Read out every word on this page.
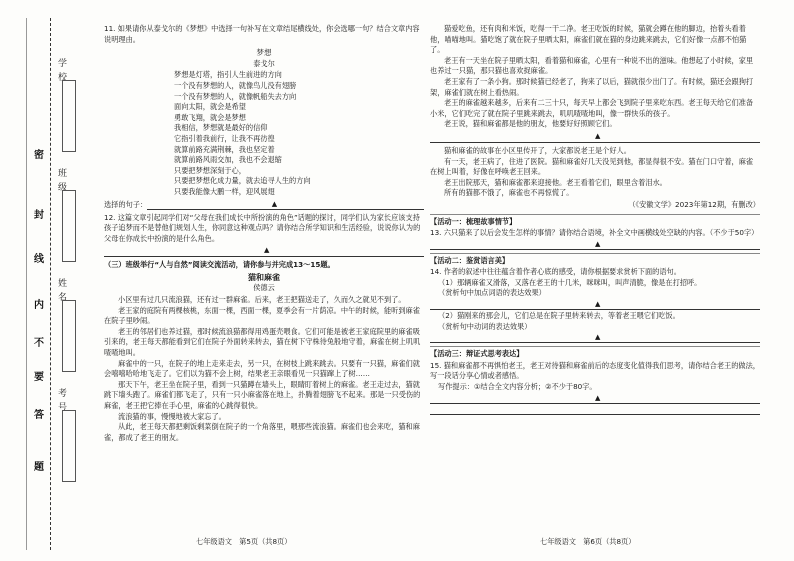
密
封
线
内
不
要
答
题
学 校
班 级
姓 名
考 号

11. 如果请你从泰戈尔的《梦想》中选择一句补写在文章结尾横线处，你会选哪一句？结合文章内容说明理由。

梦想

泰戈尔

梦想是灯塔，指引人生前进的方向
一个没有梦想的人，就像鸟儿没有翅膀
一个没有梦想的人，就像帆船失去方向
面向太阳，就会是希望
勇敢飞翔，就会是梦想
我相信，梦想就是最好的信仰
它指引着我前行，让我不再彷徨
就算前路充满荆棘，我也坚定着
就算前路风雨交加，我也不会退缩
只要把梦想深刻于心，
只要把梦想化成力量，就去追寻人生的方向
只要我能像大鹏一样，迎风展翅
选择的句子：	▲

12. 这篇文章引起同学们对“父母在我们成长中所扮演的角色”话题的探讨，同学们认为家长应该支持孩子追梦而不是替他们规划人生，你同意这种观点吗？请你结合所学知识和生活经验，说说你认为的父母在你成长中扮演的是什么角色。

▲

（三）班级举行“人与自然”阅读交流活动，请你参与并完成13～15题。

猫和麻雀

侯德云

小区里有过几只流浪猫，还有过一群麻雀。后来，老王把猫送走了，久而久之就见不到了。

老王家的庭院有两棵核桃，东面一棵，西面一棵，夏季会有一片荫凉。中午的时候，能听到麻雀在院子里吵闹。

老王的邻居们也养过猫，那时候流浪猫都得用鸡蛋壳喂食。它们可能是被老王家庭院里的麻雀吸引来的，老王每天都能看到它们在院子外面转来转去，猫在树下守株待兔般地守着，麻雀在树上叽叽喳喳地叫。

麻雀中的一只，在院子的地上走来走去，另一只，在树枝上跳来跳去。只要有一只猫，麻雀们就会嘻嘻哈哈地飞走了。它们以为猫不会上树，结果老王亲眼看见一只猫蹿上了树……

那天下午，老王坐在院子里，看到一只猫蹲在墙头上，眼睛盯着树上的麻雀。老王走过去，猫就跳下墙头跑了。麻雀们都飞走了，只有一只小麻雀落在地上，扑腾着翅膀飞不起来。那是一只受伤的麻雀，老王把它捧在手心里，麻雀的心跳得很快。

流浪猫的事，慢慢地被大家忘了。

从此，老王每天都把剩饭剩菜倒在院子的一个角落里，喂那些流浪猫。麻雀们也会来吃，猫和麻雀，都成了老王的朋友。

七年级语文　第5页（共8页）

猫爱吃鱼，还有肉和米饭，吃得一干二净。老王吃饭的时候，猫就会蹲在他的脚边，抬着头看着他，喵喵地叫。猫吃饱了就在院子里晒太阳，麻雀们就在猫的身边跳来跳去，它们好像一点都不怕猫了。

老王有一天坐在院子里晒太阳，看着猫和麻雀，心里有一种说不出的滋味。他想起了小时候，家里也养过一只猫，那只猫也喜欢捉麻雀。

老王家有了一条小狗。那时候猫已经老了，狗来了以后，猫就很少出门了。有时候，猫还会跟狗打架，麻雀们就在树上看热闹。

老王的麻雀越来越多，后来有二三十只，每天早上都会飞到院子里来吃东西。老王每天给它们准备小米，它们吃完了就在院子里跳来跳去，叽叽喳喳地叫，像一群快乐的孩子。

老王说，猫和麻雀都是他的朋友，他要好好照顾它们。

▲

猫和麻雀的故事在小区里传开了，大家都说老王是个好人。

有一天，老王病了，住进了医院。猫和麻雀好几天没见到他，都显得很不安。猫在门口守着，麻雀在树上叫着，好像在呼唤老王回来。

老王出院那天，猫和麻雀都来迎接他。老王看着它们，眼里含着泪水。

所有的猫都不饿了，麻雀也不再惊慌了。

（《安徽文学》2023年第12期，有删改）

【活动一：梳理故事情节】

13. 六只猫来了以后会发生怎样的事情？请你结合语境，补全文中画横线处空缺的内容。（不少于50字）

▲

【活动二：鉴赏语言美】

14. 作者的叙述中往往蕴含着作者心底的感受，请你根据要求赏析下面的语句。

（1）那辆麻雀又滑落，又落在老王的十几米，咪咪叫，叫声清脆，像是在打招呼。

（赏析句中加点词语的表达效果）

▲

（2）猫刚来的那会儿，它们总是在院子里转来转去，等着老王喂它们吃饭。

（赏析句中动词的表达效果）

▲

【活动三：辩证式思考表达】

15. 猫和麻雀都不再惧怕老王，老王对待猫和麻雀前后的态度变化值得我们思考，请你结合老王的做法，写一段话分享心情或者感悟。

写作提示：①结合全文内容分析；②不少于80字。

▲
七年级语文　第6页（共8页）
